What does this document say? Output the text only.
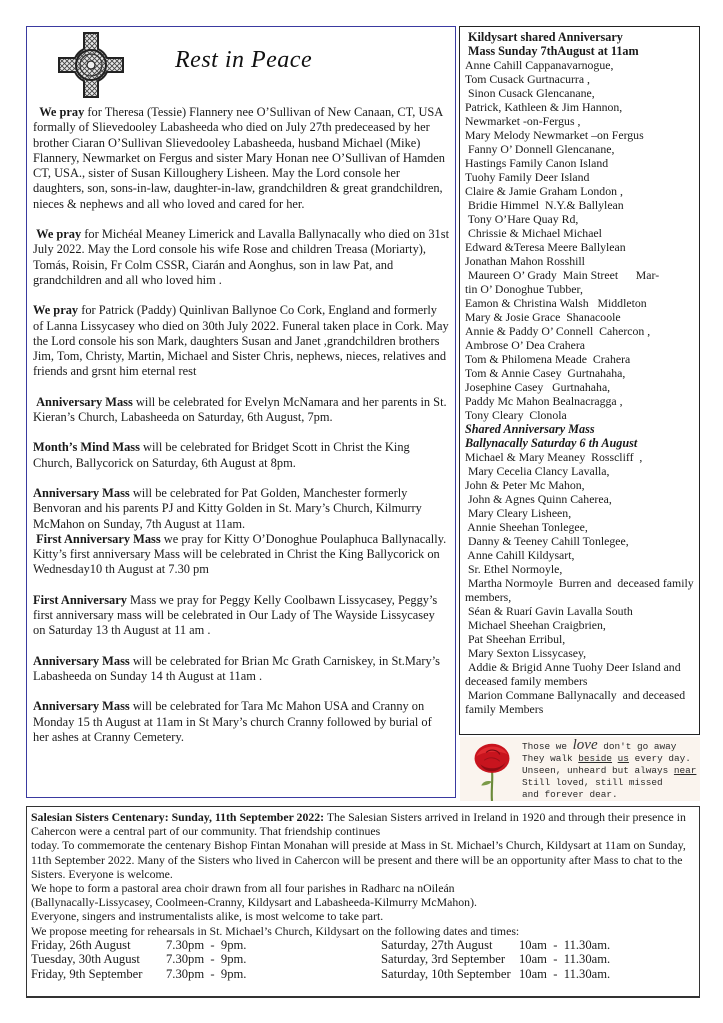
Rest in Peace
We pray for Theresa (Tessie) Flannery nee O’Sullivan of New Canaan, CT, USA formally of Slievedooley Labasheeda who died on July 27th predeceased by her brother Ciaran O’Sullivan Slievedooley Labasheeda, husband Michael (Mike) Flannery, Newmarket on Fergus and sister Mary Honan nee O’Sullivan of Hamden CT, USA., sister of Susan Killoughery Lisheen. May the Lord console her daughters, son, sons-in-law, daughter-in-law, grandchildren & great grandchildren, nieces & nephews and all who loved and cared for her.
We pray for Michéal Meaney Limerick and Lavalla Ballynacally who died on 31st July 2022. May the Lord console his wife Rose and children Treasa (Moriarty), Tomás, Roisin, Fr Colm CSSR, Ciarán and Aonghus, son in law Pat, and grandchildren and all who loved him .
We pray for Patrick (Paddy) Quinlivan Ballynoe Co Cork, England and formerly of Lanna Lissycasey who died on 30th July 2022. Funeral taken place in Cork. May the Lord console his son Mark, daughters Susan and Janet ,grandchildren brothers Jim, Tom, Christy, Martin, Michael and Sister Chris, nephews, nieces, relatives and friends and grsnt him eternal rest
Anniversary Mass will be celebrated for Evelyn McNamara and her parents in St. Kieran’s Church, Labasheeda on Saturday, 6th August, 7pm.
Month’s Mind Mass will be celebrated for Bridget Scott in Christ the King Church, Ballycorick on Saturday, 6th August at 8pm.
Anniversary Mass will be celebrated for Pat Golden, Manchester formerly Benvoran and his parents PJ and Kitty Golden in St. Mary’s Church, Kilmurry McMahon on Sunday, 7th August at 11am.
First Anniversary Mass we pray for Kitty O’Donoghue Poulaphuca Ballynacally. Kitty’s first anniversary Mass will be celebrated in Christ the King Ballycorick on Wednesday10 th August at 7.30 pm
First Anniversary Mass we pray for Peggy Kelly Coolbawn Lissycasey, Peggy’s first anniversary mass will be celebrated in Our Lady of The Wayside Lissycasey on Saturday 13 th August at 11 am .
Anniversary Mass will be celebrated for Brian Mc Grath Carniskey, in St.Mary’s Labasheeda on Sunday 14 th August at 11am .
Anniversary Mass will be celebrated for Tara Mc Mahon USA and Cranny on Monday 15 th August at 11am in St Mary’s church Cranny followed by burial of her ashes at Cranny Cemetery.
Kildysart shared Anniversary
Mass Sunday 7thAugust at 11am
Anne Cahill Cappanavarnogue,
Tom Cusack Gurtnacurra ,
Sinon Cusack Glencanane,
Patrick, Kathleen & Jim Hannon,
Newmarket -on-Fergus ,
Mary Melody Newmarket –on Fergus
Fanny O’ Donnell Glencanane,
Hastings Family Canon Island
Tuohy Family Deer Island
Claire & Jamie Graham London ,
Bridie Himmel  N.Y.& Ballylean
Tony O’Hare Quay Rd,
Chrissie & Michael Michael
Edward &Teresa Meere Ballylean
Jonathan Mahon Rosshill
Maureen O’ Grady  Main Street      Mar-
tin O’ Donoghue Tubber,
Eamon & Christina Walsh   Middleton
Mary & Josie Grace  Shanacoole
Annie & Paddy O’ Connell  Cahercon ,
Ambrose O’ Dea Crahera
Tom & Philomena Meade  Crahera
Tom & Annie Casey  Gurtnahaha,
Josephine Casey   Gurtnahaha,
Paddy Mc Mahon Bealnacragga ,
Tony Cleary  Clonola
Shared Anniversary Mass
Ballynacally Saturday 6 th August
Michael & Mary Meaney  Rosscliff  ,
Mary Cecelia Clancy Lavalla,
John & Peter Mc Mahon,
John & Agnes Quinn Caherea,
Mary Cleary Lisheen,
Annie Sheehan Tonlegee,
Danny & Teeney Cahill Tonlegee,
Anne Cahill Kildysart,
Sr. Ethel Normoyle,
Martha Normoyle  Burren and  deceased family members,
Séan & Ruarí Gavin Lavalla South
Michael Sheehan Craigbrien,
Pat Sheehan Erribul,
Mary Sexton Lissycasey,
Addie & Brigid Anne Tuohy Deer Island and deceased family members
Marion Commane Ballynacally  and deceased family Members
Those we love don't go away
They walk beside us every day.
Unseen, unheard but always near
Still loved, still missed
and forever dear.
Salesian Sisters Centenary: Sunday, 11th September 2022: The Salesian Sisters arrived in Ireland in 1920 and through their presence in Cahercon were a central part of our community. That friendship continues
today. To commemorate the centenary Bishop Fintan Monahan will preside at Mass in St. Michael’s Church, Kildysart at 11am on Sunday, 11th September 2022. Many of the Sisters who lived in Cahercon will be present and there will be an opportunity after Mass to chat to the Sisters. Everyone is welcome.
We hope to form a pastoral area choir drawn from all four parishes in Radharc na nOileán
(Ballynacally-Lissycasey, Coolmeen-Cranny, Kildysart and Labasheeda-Kilmurry McMahon).
Everyone, singers and instrumentalists alike, is most welcome to take part.
We propose meeting for rehearsals in St. Michael’s Church, Kildysart on the following dates and times:
Friday, 26th August	7.30pm  -  9pm.	Saturday, 27th August	10am  -  11.30am.
Tuesday, 30th August	7.30pm  -  9pm.	Saturday, 3rd September	10am  -  11.30am.
Friday, 9th September	7.30pm  -  9pm.	Saturday, 10th September 10am  -  11.30am.
